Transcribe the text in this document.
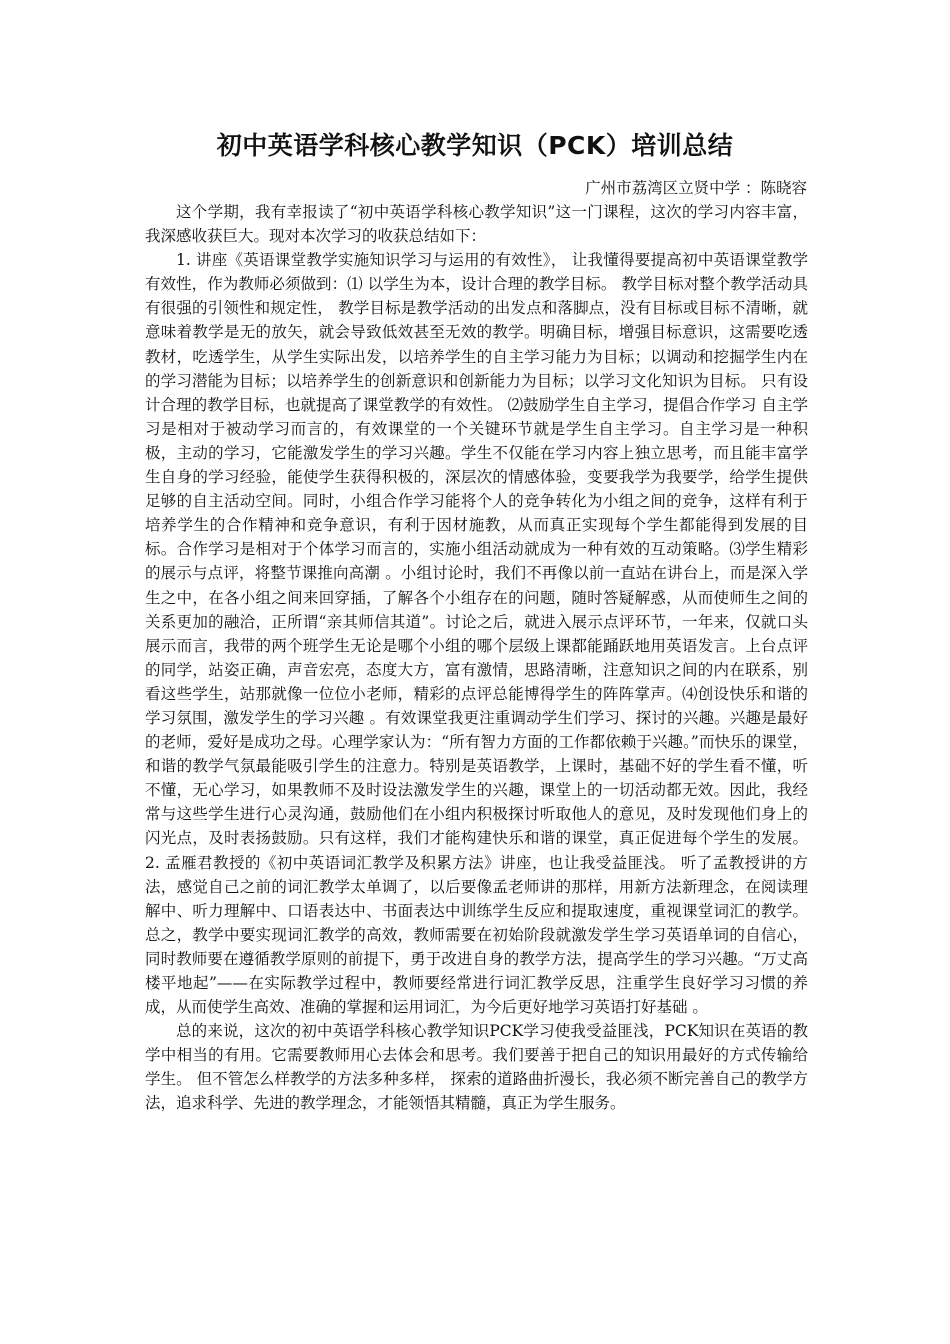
初中英语学科核心教学知识（PCK）培训总结
广州市荔湾区立贤中学 ：陈晓容

这个学期，我有幸报读了“初中英语学科核心教学知识”这一门课程，这次的学习内容丰富，我深感收获巨大。现对本次学习的收获总结如下：

1. 讲座《英语课堂教学实施知识学习与运用的有效性》， 让我懂得要提高初中英语课堂教学有效性，作为教师必须做到：⑴ 以学生为本，设计合理的教学目标。 教学目标对整个教学活动具有很强的引领性和规定性， 教学目标是教学活动的出发点和落脚点，没有目标或目标不清晰，就意味着教学是无的放矢，就会导致低效甚至无效的教学。明确目标，增强目标意识，这需要吃透教材，吃透学生，从学生实际出发，以培养学生的自主学习能力为目标；以调动和挖掘学生内在的学习潜能为目标；以培养学生的创新意识和创新能力为目标；以学习文化知识为目标。 只有设计合理的教学目标，也就提高了课堂教学的有效性。 ⑵鼓励学生自主学习，提倡合作学习 自主学习是相对于被动学习而言的，有效课堂的一个关键环节就是学生自主学习。自主学习是一种积极，主动的学习，它能激发学生的学习兴趣。学生不仅能在学习内容上独立思考，而且能丰富学生自身的学习经验，能使学生获得积极的，深层次的情感体验，变要我学为我要学，给学生提供足够的自主活动空间。同时，小组合作学习能将个人的竞争转化为小组之间的竞争，这样有利于培养学生的合作精神和竞争意识，有利于因材施教，从而真正实现每个学生都能得到发展的目标。合作学习是相对于个体学习而言的，实施小组活动就成为一种有效的互动策略。⑶学生精彩的展示与点评，将整节课推向高潮 。小组讨论时，我们不再像以前一直站在讲台上，而是深入学生之中，在各小组之间来回穿插，了解各个小组存在的问题，随时答疑解惑，从而使师生之间的关系更加的融洽，正所谓“亲其师信其道”。讨论之后，就进入展示点评环节，一年来，仅就口头展示而言，我带的两个班学生无论是哪个小组的哪个层级上课都能踊跃地用英语发言。上台点评的同学，站姿正确，声音宏亮，态度大方，富有激情，思路清晰，注意知识之间的内在联系，别看这些学生，站那就像一位位小老师，精彩的点评总能博得学生的阵阵掌声。⑷创设快乐和谐的学习氛围，激发学生的学习兴趣 。有效课堂我更注重调动学生们学习、探讨的兴趣。兴趣是最好的老师，爱好是成功之母。心理学家认为：“所有智力方面的工作都依赖于兴趣。”而快乐的课堂，和谐的教学气氛最能吸引学生的注意力。特别是英语教学，上课时，基础不好的学生看不懂，听不懂，无心学习，如果教师不及时设法激发学生的兴趣，课堂上的一切活动都无效。因此，我经常与这些学生进行心灵沟通，鼓励他们在小组内积极探讨听取他人的意见，及时发现他们身上的闪光点，及时表扬鼓励。只有这样，我们才能构建快乐和谐的课堂，真正促进每个学生的发展。 2. 孟雁君教授的《初中英语词汇教学及积累方法》讲座，也让我受益匪浅。 听了孟教授讲的方法，感觉自己之前的词汇教学太单调了，以后要像孟老师讲的那样，用新方法新理念，在阅读理解中、听力理解中、口语表达中、书面表达中训练学生反应和提取速度，重视课堂词汇的教学。总之，教学中要实现词汇教学的高效，教师需要在初始阶段就激发学生学习英语单词的自信心，同时教师要在遵循教学原则的前提下，勇于改进自身的教学方法，提高学生的学习兴趣。“万丈高楼平地起”——在实际教学过程中，教师要经常进行词汇教学反思，注重学生良好学习习惯的养成，从而使学生高效、准确的掌握和运用词汇，为今后更好地学习英语打好基础 。

总的来说，这次的初中英语学科核心教学知识PCK学习使我受益匪浅，PCK知识在英语的教学中相当的有用。它需要教师用心去体会和思考。我们要善于把自己的知识用最好的方式传输给学生。 但不管怎么样教学的方法多种多样， 探索的道路曲折漫长，我必须不断完善自己的教学方法，追求科学、先进的教学理念，才能领悟其精髓，真正为学生服务。
